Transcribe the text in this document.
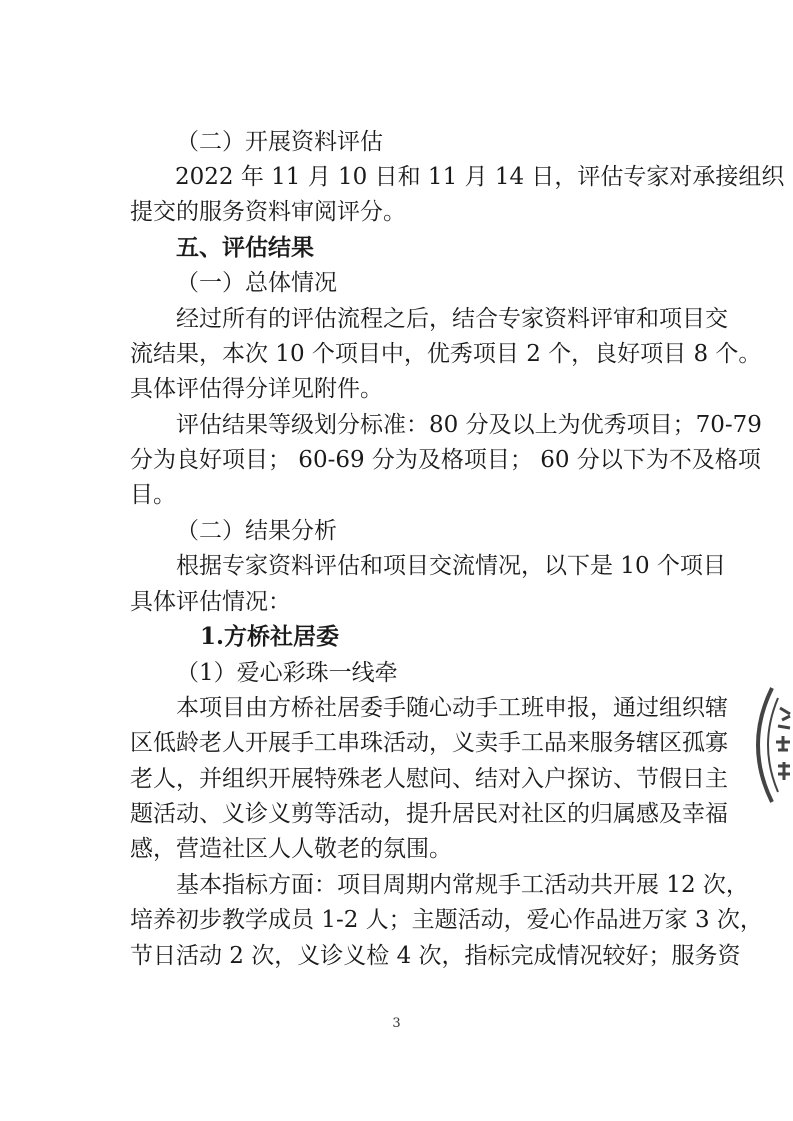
（二）开展资料评估
2022 年 11 月 10 日和 11 月 14 日，评估专家对承接组织
提交的服务资料审阅评分。
五、评估结果
（一）总体情况
经过所有的评估流程之后，结合专家资料评审和项目交
流结果，本次 10 个项目中，优秀项目 2 个，良好项目 8 个。
具体评估得分详见附件。
评估结果等级划分标准：80 分及以上为优秀项目；70-79
分为良好项目； 60-69 分为及格项目； 60 分以下为不及格项
目。
（二）结果分析
根据专家资料评估和项目交流情况，以下是 10 个项目
具体评估情况：
1.方桥社居委
（1）爱心彩珠一线牵
本项目由方桥社居委手随心动手工班申报，通过组织辖
区低龄老人开展手工串珠活动，义卖手工品来服务辖区孤寡
老人，并组织开展特殊老人慰问、结对入户探访、节假日主
题活动、义诊义剪等活动，提升居民对社区的归属感及幸福
感，营造社区人人敬老的氛围。
基本指标方面：项目周期内常规手工活动共开展 12 次，
培养初步教学成员 1-2 人；主题活动，爱心作品进万家 3 次，
节日活动 2 次，义诊义检 4 次，指标完成情况较好；服务资
3
